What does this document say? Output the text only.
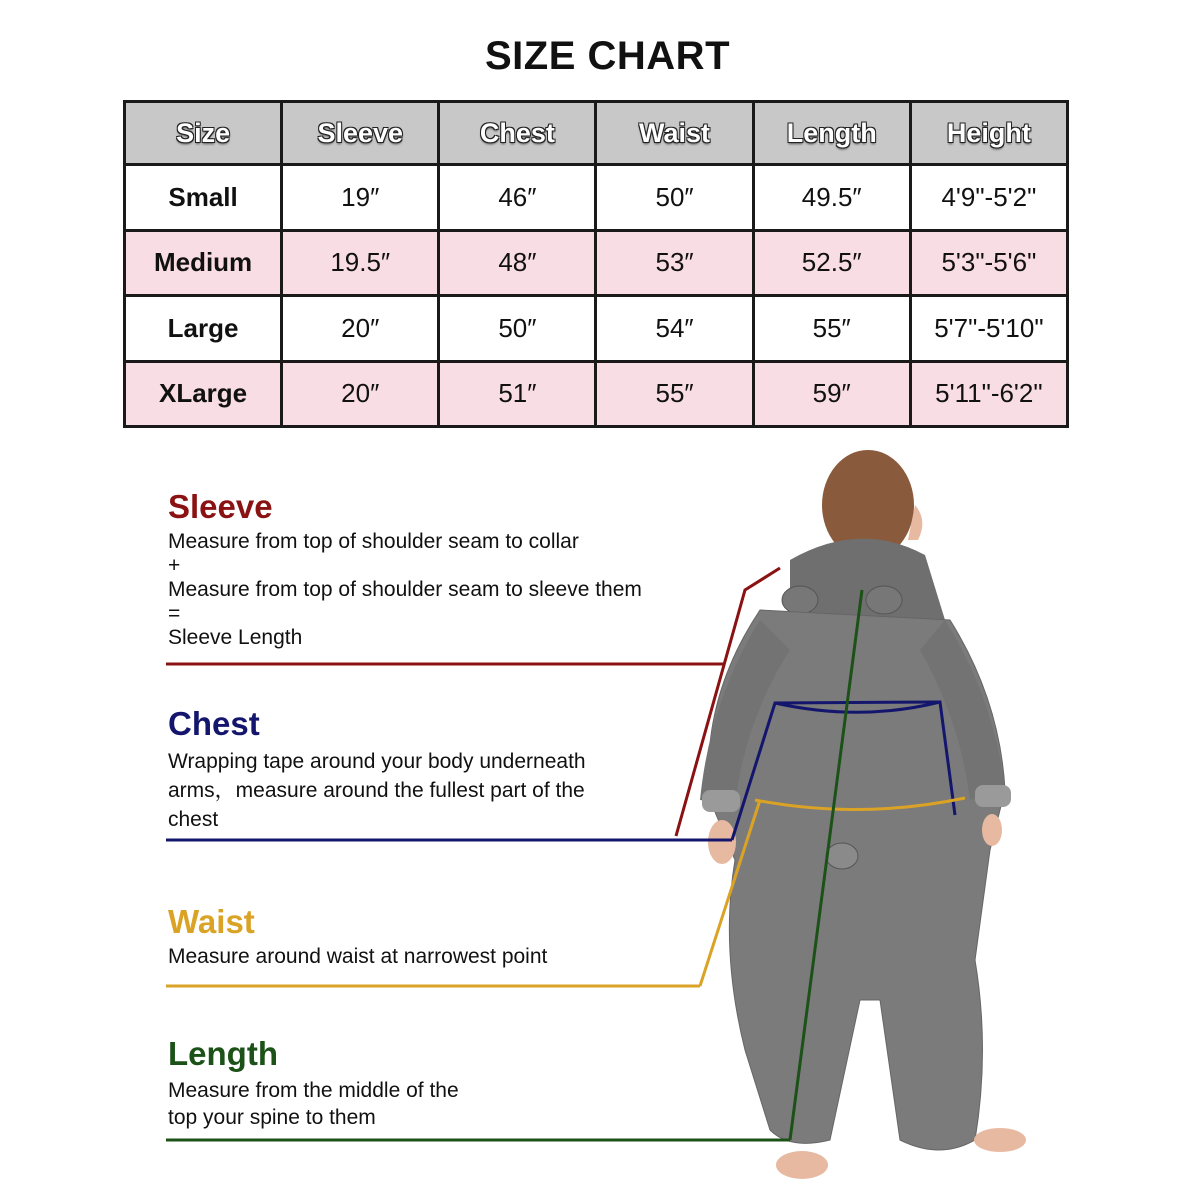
SIZE CHART
Size	Sleeve	Chest	Waist	Length	Height
Small	19″	46″	50″	49.5″	4'9"-5'2"
Medium	19.5″	48″	53″	52.5″	5'3"-5'6"
Large	20″	50″	54″	55″	5'7"-5'10"
XLarge	20″	51″	55″	59″	5'11"-6'2"
Sleeve
Measure from top of shoulder seam to collar
+
Measure from top of shoulder seam to sleeve them
=
Sleeve Length
Chest
Wrapping tape around your body underneath
arms，measure around the fullest part of the
chest
Waist
Measure around waist at narrowest point
Length
Measure from the middle of the
top your spine to them
